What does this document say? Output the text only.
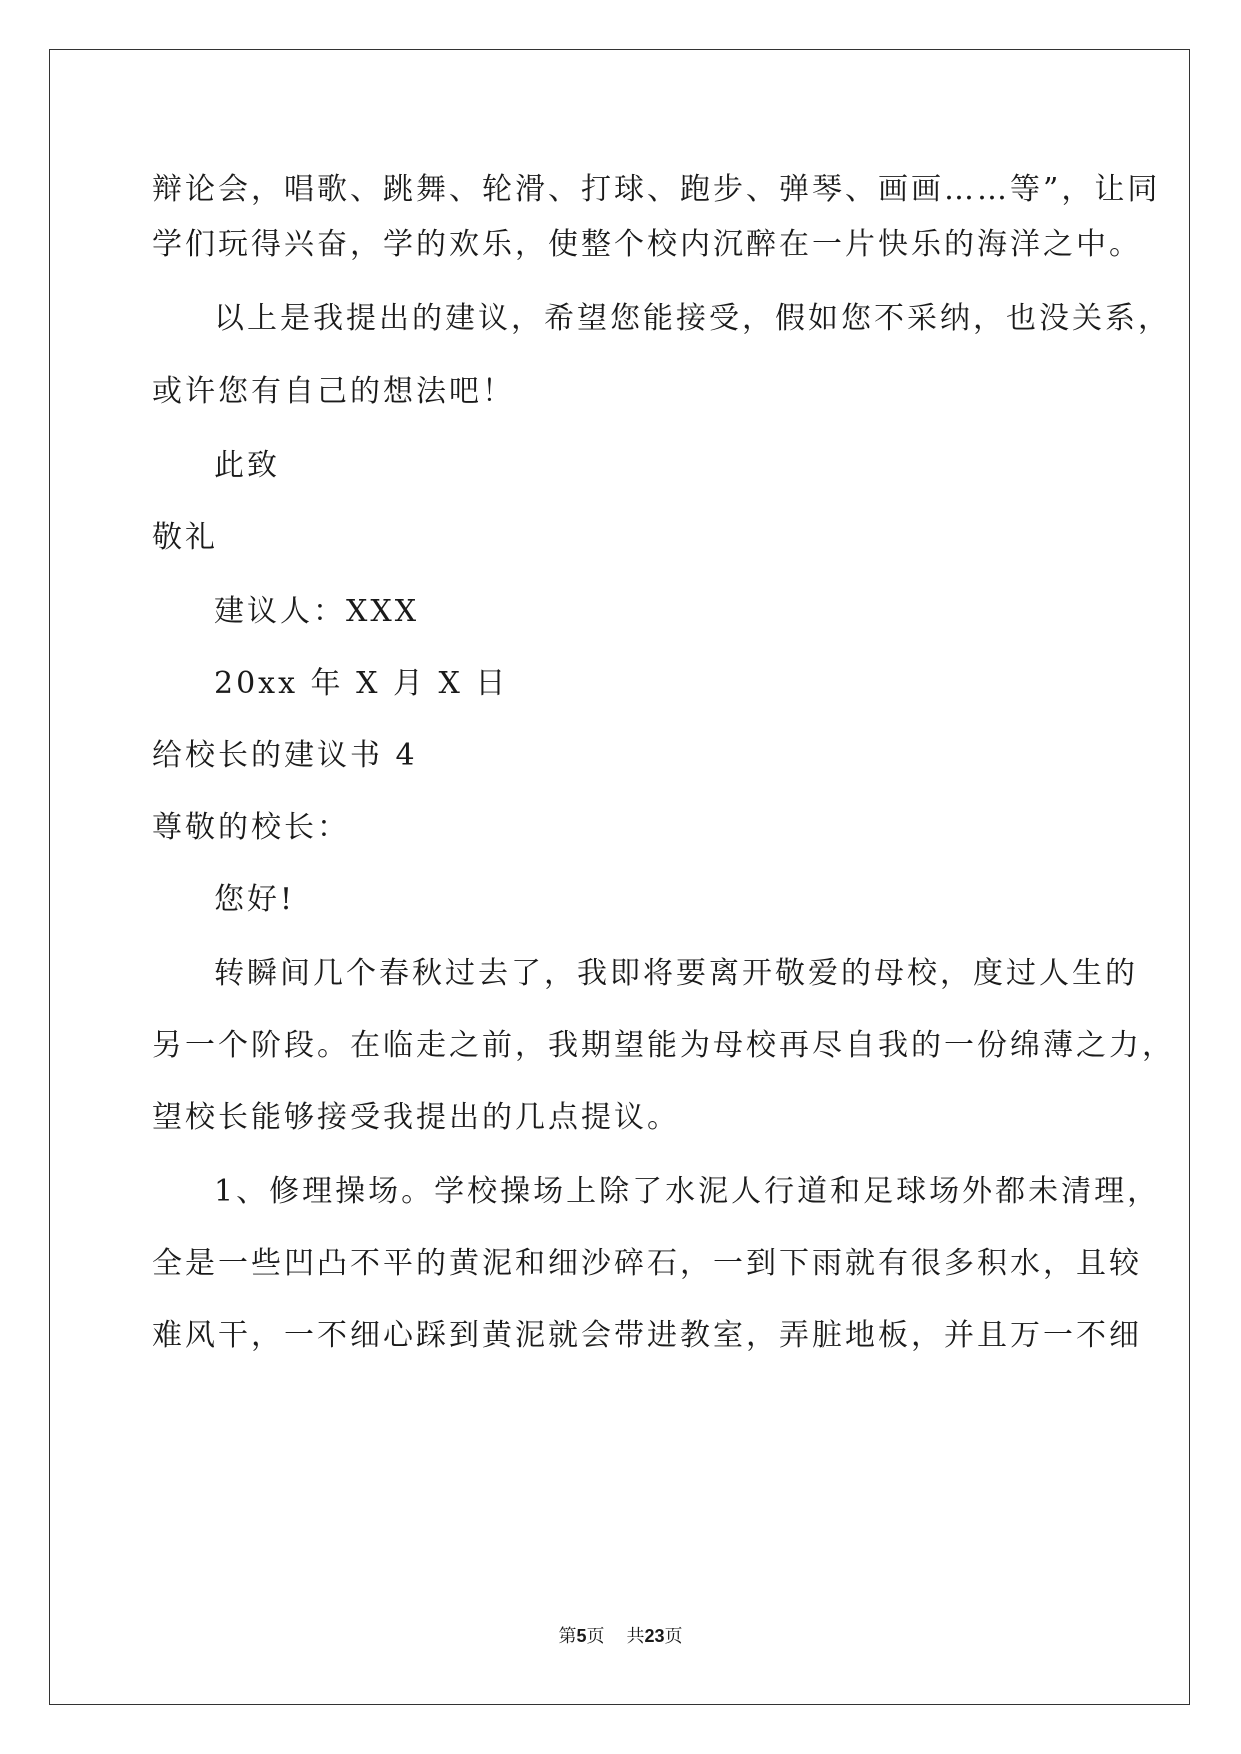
辩论会，唱歌、跳舞、轮滑、打球、跑步、弹琴、画画……等”，让同
学们玩得兴奋，学的欢乐，使整个校内沉醉在一片快乐的海洋之中。
以上是我提出的建议，希望您能接受，假如您不采纳，也没关系，
或许您有自己的想法吧！
此致
敬礼
建议人：XXX
20xx 年 X 月 X 日
给校长的建议书 4
尊敬的校长：
您好!
转瞬间几个春秋过去了，我即将要离开敬爱的母校，度过人生的
另一个阶段。在临走之前，我期望能为母校再尽自我的一份绵薄之力，
望校长能够接受我提出的几点提议。
1、修理操场。学校操场上除了水泥人行道和足球场外都未清理，
全是一些凹凸不平的黄泥和细沙碎石，一到下雨就有很多积水，且较
难风干，一不细心踩到黄泥就会带进教室，弄脏地板，并且万一不细
第5页 共23页
